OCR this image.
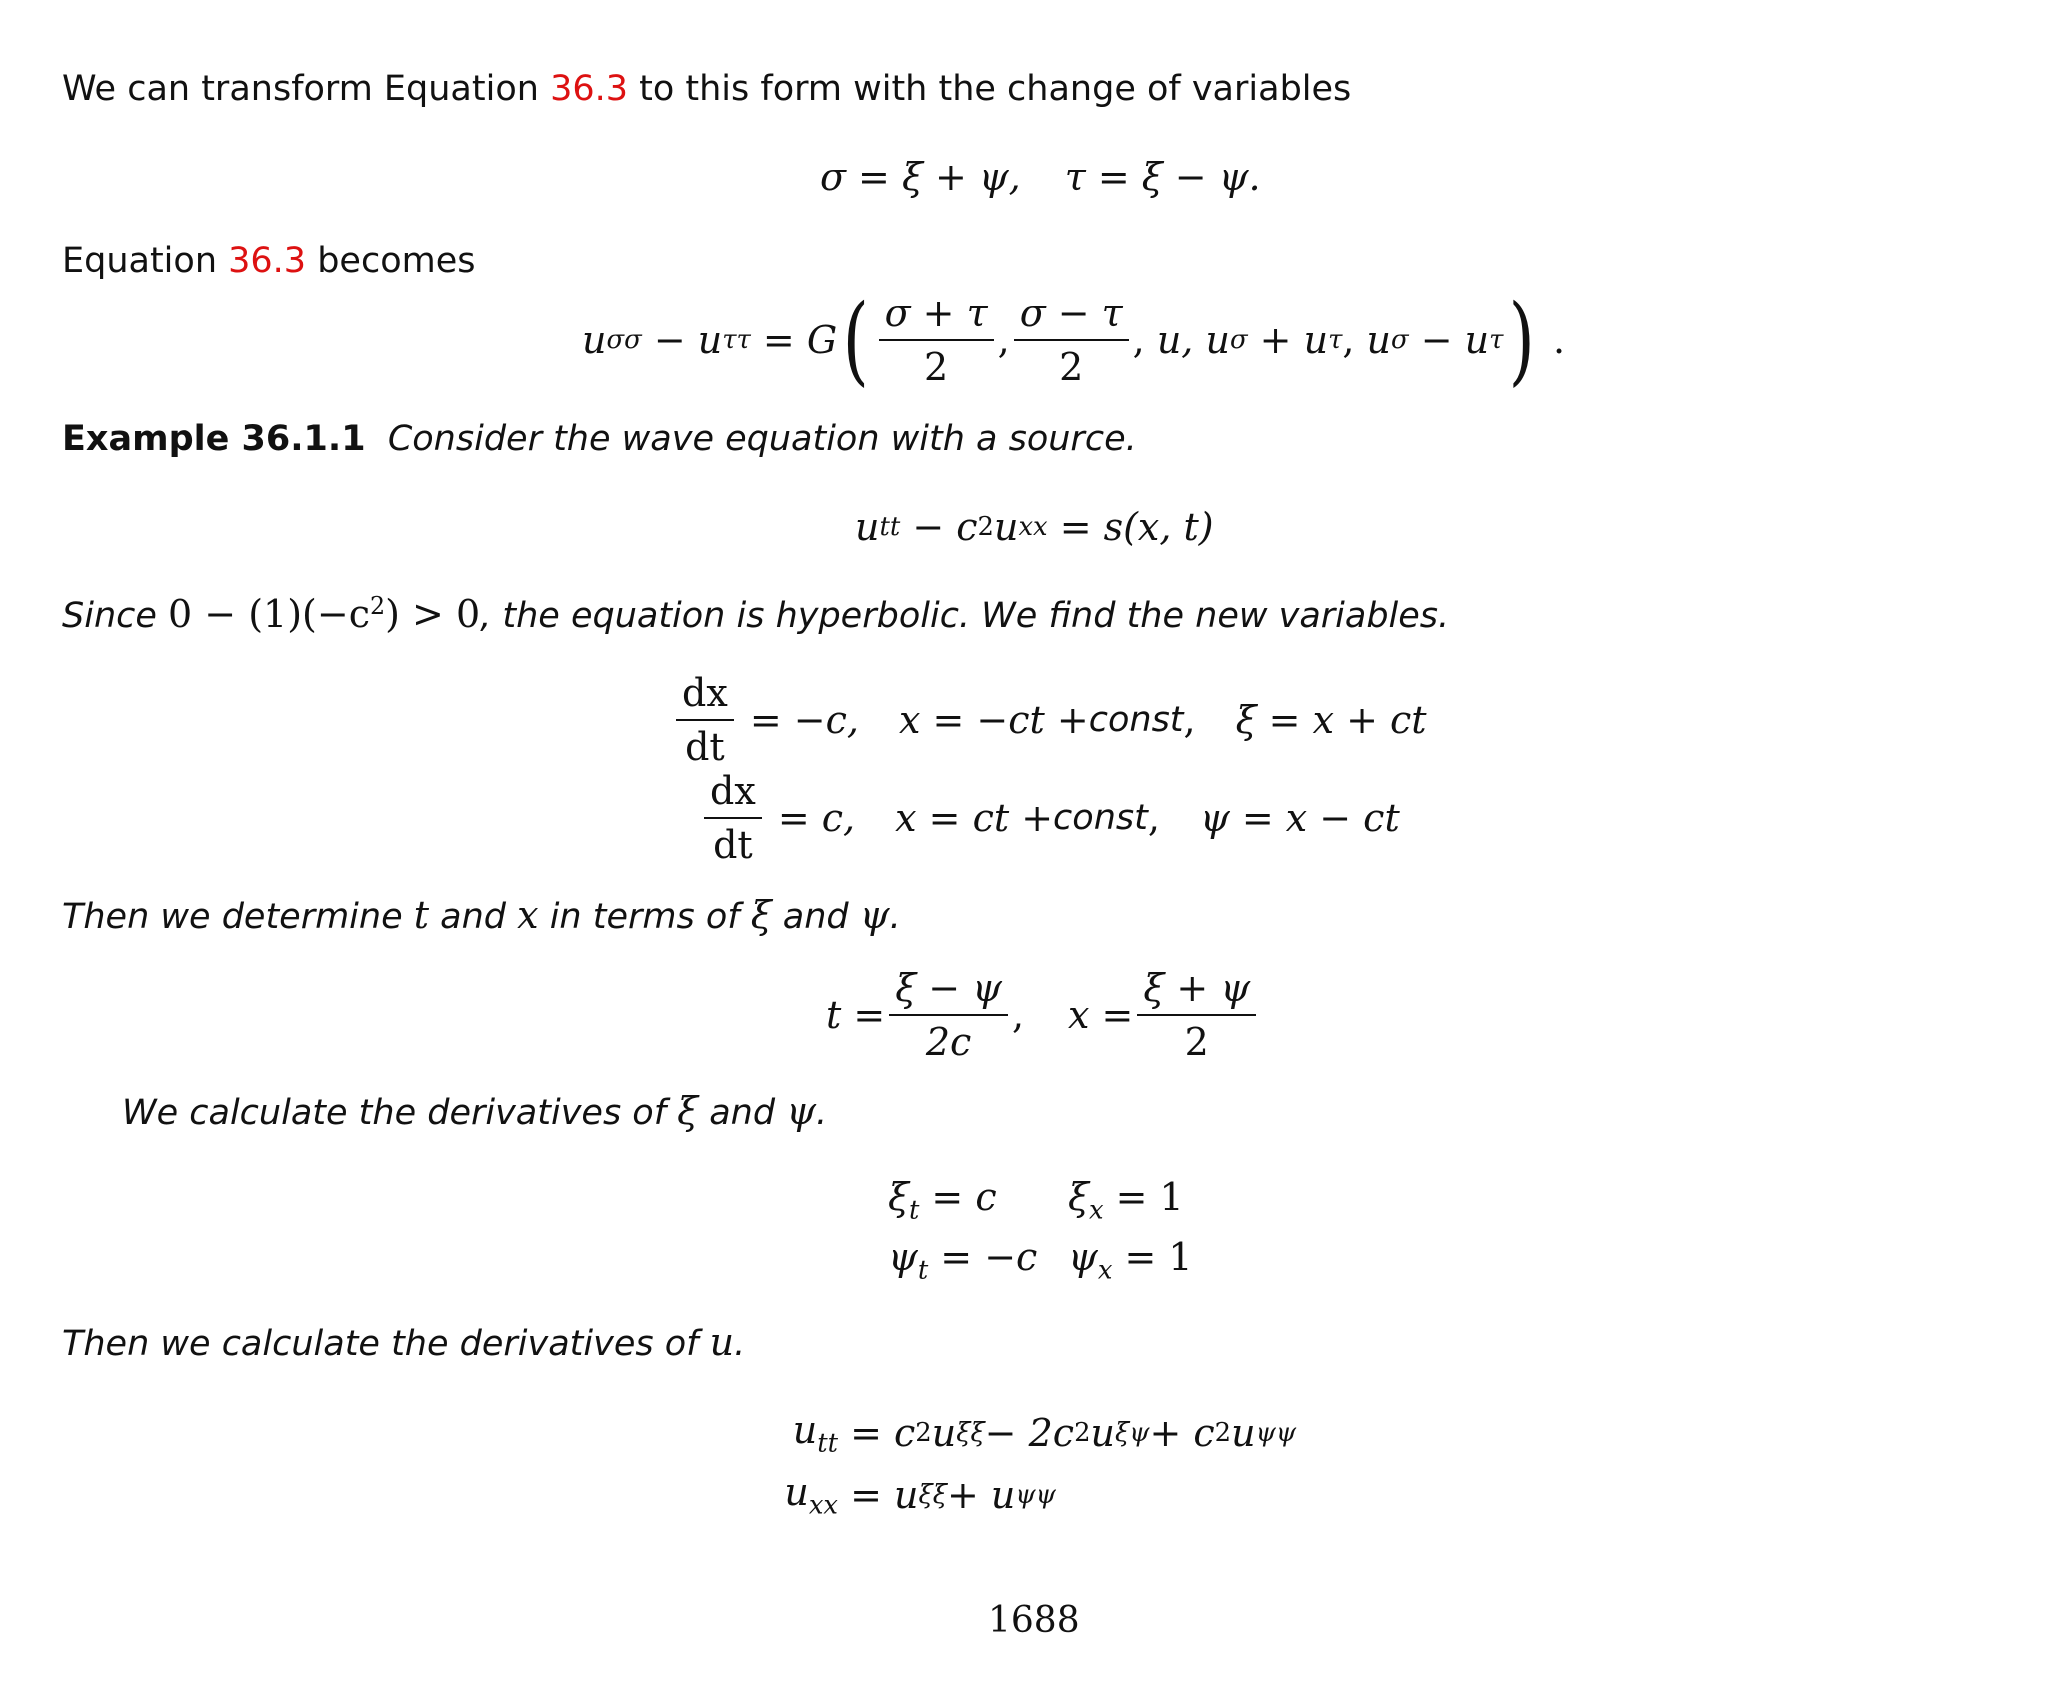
We can transform Equation 36.3 to this form with the change of variables
σ = ξ + ψ, τ = ξ − ψ.
Equation 36.3 becomes
u σσ − u ττ = G ( $\frac{\sigma + \tau}{2}$ , $\frac{\sigma - \tau}{2}$ , u, u σ + u τ , u σ − u τ ) .
Example 36.1.1 Consider the wave equation with a source.
u tt − c 2 u xx = s(x, t)
Since $0 - (1)(-c^2) > 0$, the equation is hyperbolic. We find the new variables.
$\frac{dx}{dt}$
= −c, x = −ct + const , ξ = x + ct
$\frac{dx}{dt}$
= c, x = ct + const , ψ = x − ct
Then we determine t and x in terms of ξ and ψ.
$t = \frac{\xi - \psi}{2c}$ , $x = \frac{\xi + \psi}{2}$
We calculate the derivatives of ξ and ψ.
$\xi_t = c$	$\xi_x = 1$
$\psi_t = -c$ $\psi_x = 1$
Then we calculate the derivatives of u.
$u_{tt}$
= c 2 u ξξ − 2c 2 u ξψ + c 2 u ψψ
$u_{xx}$
= u ξξ + u ψψ
1688
